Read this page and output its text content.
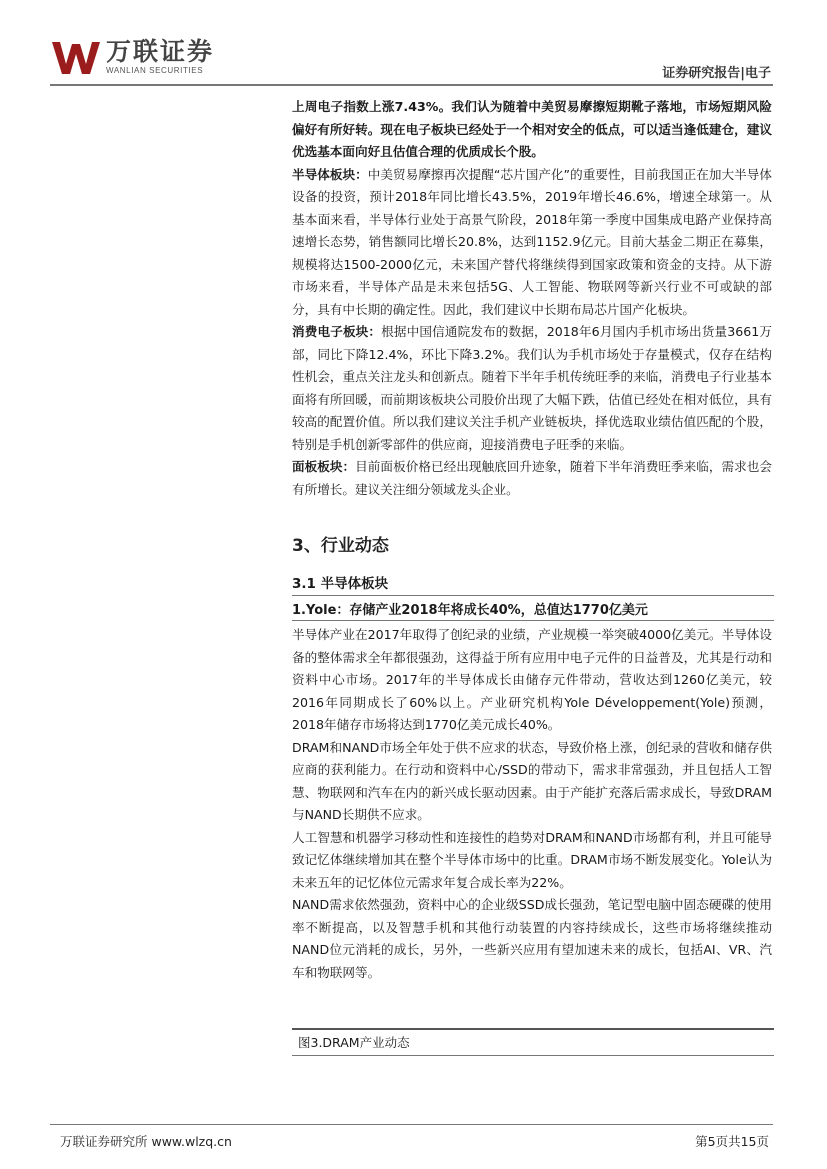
万联证券
WANLIAN SECURITIES	证券研究报告|电子

上周电子指数上涨7.43%。我们认为随着中美贸易摩擦短期靴子落地，市场短期风险偏好有所好转。现在电子板块已经处于一个相对安全的低点，可以适当逢低建仓，建议优选基本面向好且估值合理的优质成长个股。

半导体板块：中美贸易摩擦再次提醒“芯片国产化”的重要性，目前我国正在加大半导体设备的投资，预计2018年同比增长43.5%，2019年增长46.6%，增速全球第一。从基本面来看，半导体行业处于高景气阶段，2018年第一季度中国集成电路产业保持高速增长态势，销售额同比增长20.8%，达到1152.9亿元。目前大基金二期正在募集，规模将达1500-2000亿元，未来国产替代将继续得到国家政策和资金的支持。从下游市场来看，半导体产品是未来包括5G、人工智能、物联网等新兴行业不可或缺的部分，具有中长期的确定性。因此，我们建议中长期布局芯片国产化板块。

消费电子板块：根据中国信通院发布的数据，2018年6月国内手机市场出货量3661万部，同比下降12.4%，环比下降3.2%。我们认为手机市场处于存量模式，仅存在结构性机会，重点关注龙头和创新点。随着下半年手机传统旺季的来临，消费电子行业基本面将有所回暖，而前期该板块公司股价出现了大幅下跌，估值已经处在相对低位，具有较高的配置价值。所以我们建议关注手机产业链板块，择优选取业绩估值匹配的个股，特别是手机创新零部件的供应商，迎接消费电子旺季的来临。

面板板块：目前面板价格已经出现触底回升迹象，随着下半年消费旺季来临，需求也会有所增长。建议关注细分领域龙头企业。

3、行业动态
3.1 半导体板块
1.Yole：存储产业2018年将成长40%，总值达1770亿美元

半导体产业在2017年取得了创纪录的业绩，产业规模一举突破4000亿美元。半导体设备的整体需求全年都很强劲，这得益于所有应用中电子元件的日益普及，尤其是行动和资料中心市场。2017年的半导体成长由储存元件带动，营收达到1260亿美元，较2016年同期成长了60%以上。产业研究机构Yole Développement(Yole)预测，2018年储存市场将达到1770亿美元成长40%。

DRAM和NAND市场全年处于供不应求的状态，导致价格上涨，创纪录的营收和储存供应商的获利能力。在行动和资料中心/SSD的带动下，需求非常强劲，并且包括人工智慧、物联网和汽车在内的新兴成长驱动因素。由于产能扩充落后需求成长，导致DRAM与NAND长期供不应求。

人工智慧和机器学习移动性和连接性的趋势对DRAM和NAND市场都有利，并且可能导致记忆体继续增加其在整个半导体市场中的比重。DRAM市场不断发展变化。Yole认为未来五年的记忆体位元需求年复合成长率为22%。

NAND需求依然强劲，资料中心的企业级SSD成长强劲，笔记型电脑中固态硬碟的使用率不断提高，以及智慧手机和其他行动装置的内容持续成长，这些市场将继续推动NAND位元消耗的成长，另外，一些新兴应用有望加速未来的成长，包括AI、VR、汽车和物联网等。

图3.DRAM产业动态
万联证券研究所 www.wlzq.cn	第5页共15页
